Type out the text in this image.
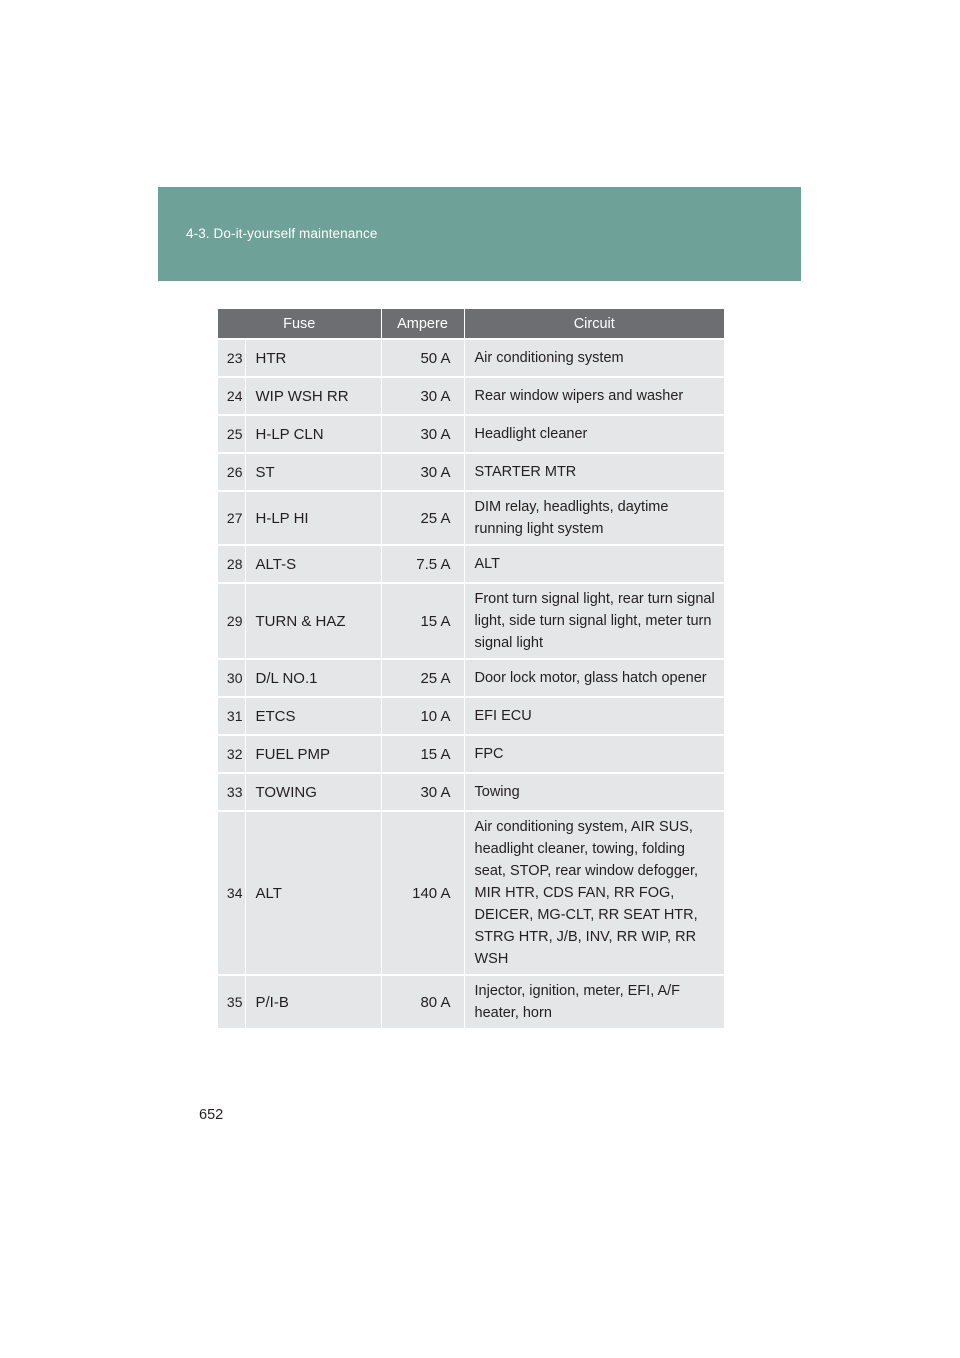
4-3. Do-it-yourself maintenance
Fuse		Ampere	Circuit
23	HTR	50 A	Air conditioning system
24	WIP WSH RR	30 A	Rear window wipers and washer
25	H-LP CLN	30 A	Headlight cleaner
26	ST	30 A	STARTER MTR
27	H-LP HI	25 A	DIM relay, headlights, daytime running light system
28	ALT-S	7.5 A	ALT
29	TURN & HAZ	15 A	Front turn signal light, rear turn signal light, side turn signal light, meter turn signal light
30	D/L NO.1	25 A	Door lock motor, glass hatch opener
31	ETCS	10 A	EFI ECU
32	FUEL PMP	15 A	FPC
33	TOWING	30 A	Towing
34	ALT	140 A	Air conditioning system, AIR SUS, headlight cleaner, towing, folding seat, STOP, rear window defogger, MIR HTR, CDS FAN, RR FOG, DEICER, MG-CLT, RR SEAT HTR, STRG HTR, J/B, INV, RR WIP, RR WSH
35	P/I-B	80 A	Injector, ignition, meter, EFI, A/F heater, horn
652
